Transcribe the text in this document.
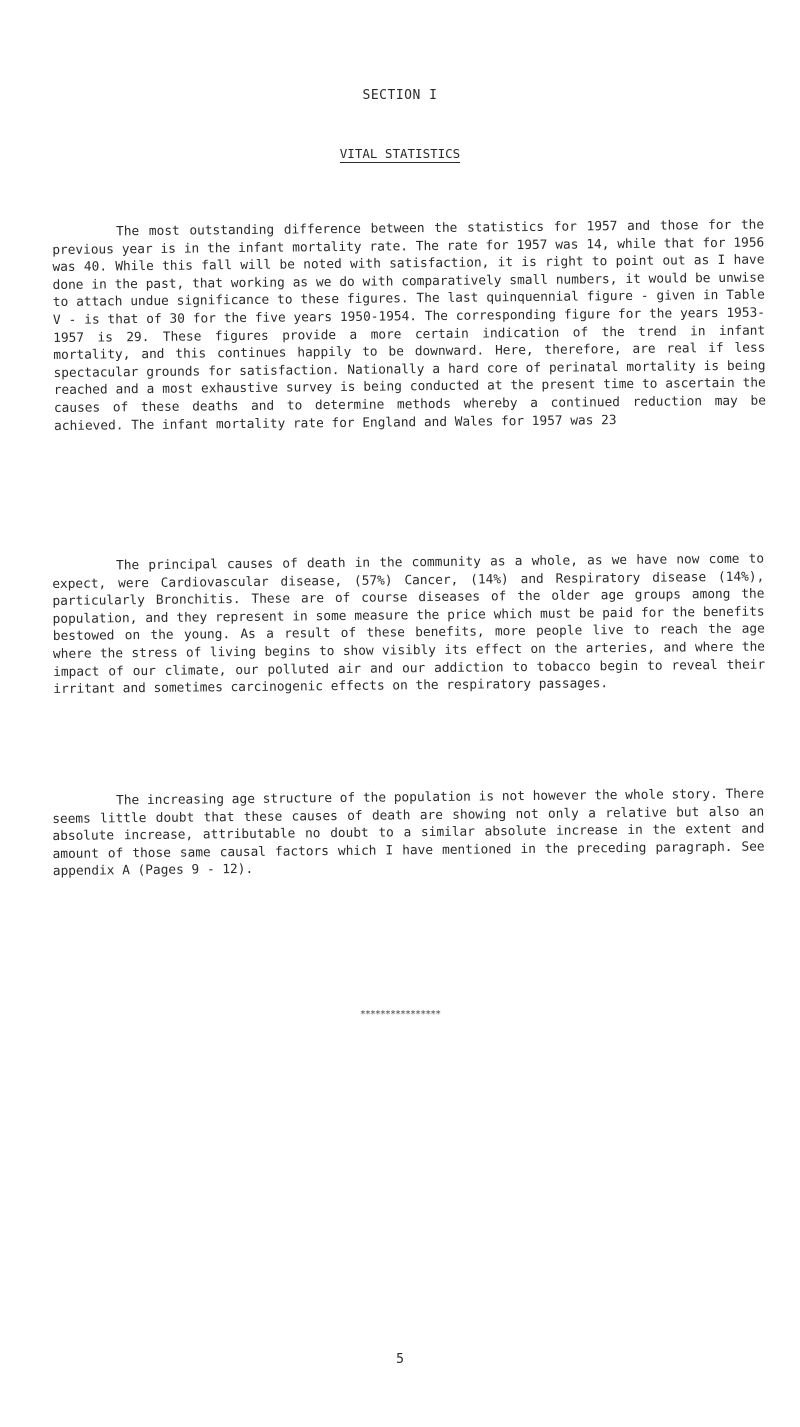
SECTION I
VITAL STATISTICS

The most outstanding difference between the statistics for 1957 and those for the previous year is in the infant mortality rate. The rate for 1957 was 14, while that for 1956 was 40. While this fall will be noted with satisfaction, it is right to point out as I have done in the past, that working as we do with comparatively small numbers, it would be unwise to attach undue significance to these figures. The last quinquennial figure - given in Table V - is that of 30 for the five years 1950-1954. The corresponding figure for the years 1953-1957 is 29. These figures provide a more certain indication of the trend in infant mortality, and this continues happily to be downward. Here, therefore, are real if less spectacular grounds for satisfaction. Nationally a hard core of perinatal mortality is being reached and a most exhaustive survey is being conducted at the present time to ascertain the causes of these deaths and to determine methods whereby a continued reduction may be achieved. The infant mortality rate for England and Wales for 1957 was 23

The principal causes of death in the community as a whole, as we have now come to expect, were Cardiovascular disease, (57%) Cancer, (14%) and Respiratory disease (14%), particularly Bronchitis. These are of course diseases of the older age groups among the population, and they represent in some measure the price which must be paid for the benefits bestowed on the young. As a result of these benefits, more people live to reach the age where the stress of living begins to show visibly its effect on the arteries, and where the impact of our climate, our polluted air and our addiction to tobacco begin to reveal their irritant and sometimes carcinogenic effects on the respiratory passages.

The increasing age structure of the population is not however the whole story. There seems little doubt that these causes of death are showing not only a relative but also an absolute increase, attributable no doubt to a similar absolute increase in the extent and amount of those same causal factors which I have mentioned in the preceding paragraph. See appendix A (Pages 9 - 12).

****************
5
